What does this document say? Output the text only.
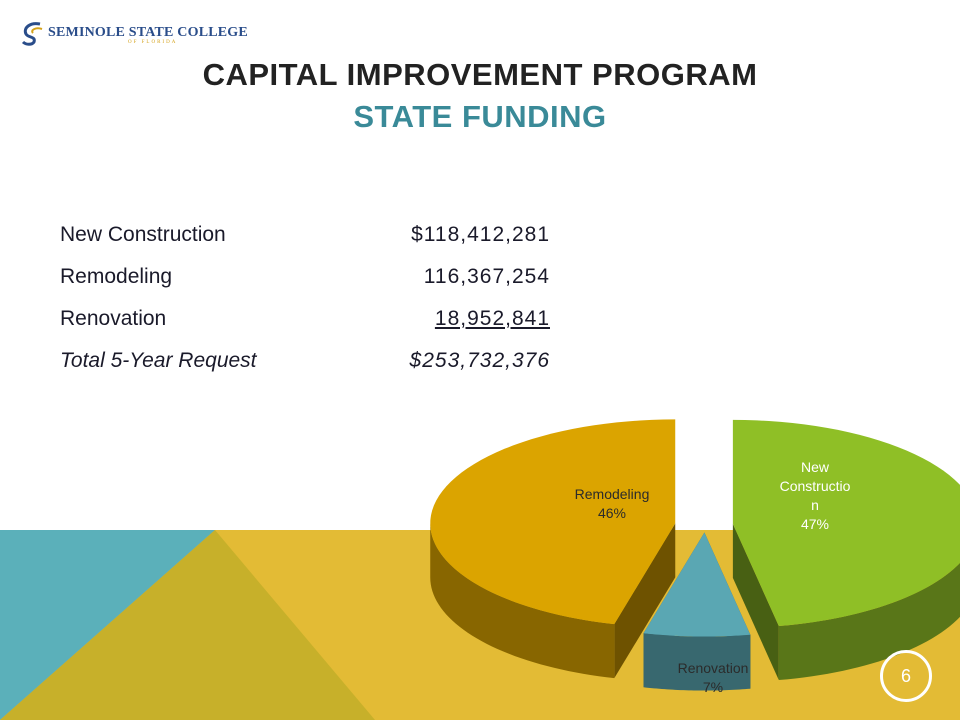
SEMINOLE STATE COLLEGE
OF FLORIDA
CAPITAL IMPROVEMENT PROGRAM
STATE FUNDING
New Construction	$118,412,281
Remodeling	116,367,254
Renovation	18,952,841
Total 5-Year Request	$253,732,376
New Constructio n 47%
Renovation 7%
Remodeling 46%
6
